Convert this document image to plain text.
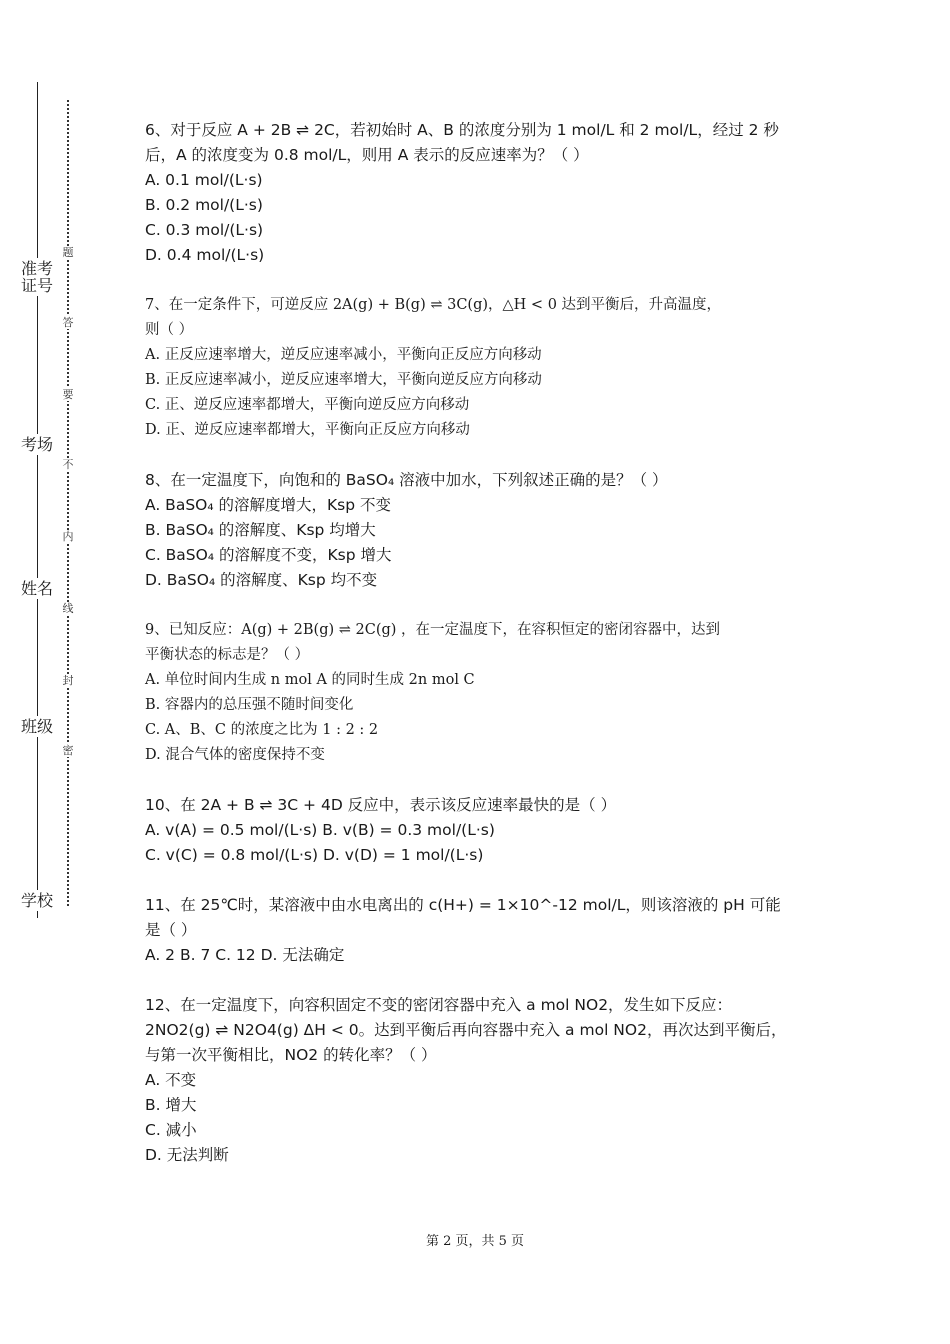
准考证号
考场
姓名
班级
学校
题
答
要
不
内
线
封
密
6、对于反应 A + 2B ⇌ 2C，若初始时 A、B 的浓度分别为 1 mol/L 和 2 mol/L，经过 2 秒
后，A 的浓度变为 0.8 mol/L，则用 A 表示的反应速率为？（ ）
A. 0.1 mol/(L·s)
B. 0.2 mol/(L·s)
C. 0.3 mol/(L·s)
D. 0.4 mol/(L·s)
7、在一定条件下，可逆反应 2A(g) + B(g) ⇌ 3C(g)，△H < 0 达到平衡后，升高温度，
则（ ）
A. 正反应速率增大，逆反应速率减小，平衡向正反应方向移动
B. 正反应速率减小，逆反应速率增大，平衡向逆反应方向移动
C. 正、逆反应速率都增大，平衡向逆反应方向移动
D. 正、逆反应速率都增大，平衡向正反应方向移动
8、在一定温度下，向饱和的 BaSO₄ 溶液中加水，下列叙述正确的是？（ ）
A. BaSO₄ 的溶解度增大，Ksp 不变
B. BaSO₄ 的溶解度、Ksp 均增大
C. BaSO₄ 的溶解度不变，Ksp 增大
D. BaSO₄ 的溶解度、Ksp 均不变
9、已知反应：A(g) + 2B(g) ⇌ 2C(g) ，在一定温度下，在容积恒定的密闭容器中，达到
平衡状态的标志是？（ ）
A. 单位时间内生成 n mol A 的同时生成 2n mol C
B. 容器内的总压强不随时间变化
C. A、B、C 的浓度之比为 1 : 2 : 2
D. 混合气体的密度保持不变
10、在 2A + B ⇌ 3C + 4D 反应中，表示该反应速率最快的是（ ）
A. v(A) = 0.5 mol/(L·s) B. v(B) = 0.3 mol/(L·s)
C. v(C) = 0.8 mol/(L·s) D. v(D) = 1 mol/(L·s)
11、在 25℃时，某溶液中由水电离出的 c(H+) = 1×10^-12 mol/L，则该溶液的 pH 可能
是（ ）
A. 2 B. 7 C. 12 D. 无法确定
12、在一定温度下，向容积固定不变的密闭容器中充入 a mol NO2，发生如下反应：
2NO2(g) ⇌ N2O4(g) ΔH < 0。达到平衡后再向容器中充入 a mol NO2，再次达到平衡后，
与第一次平衡相比，NO2 的转化率？（ ）
A. 不变
B. 增大
C. 减小
D. 无法判断
第 2 页，共 5 页
